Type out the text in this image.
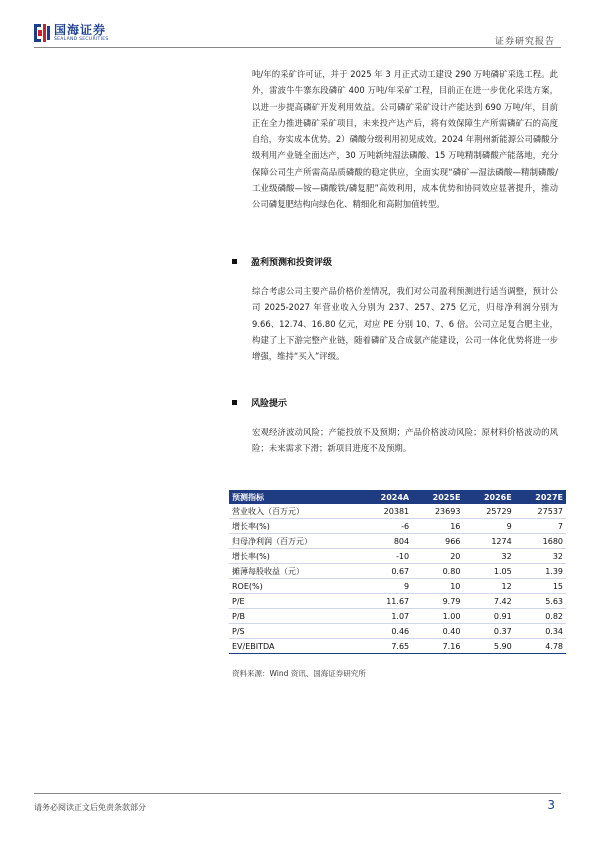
国海证券
SEALAND SECURITIES	证券研究报告
吨/年的采矿许可证，并于 2025 年 3 月正式动工建设 290 万吨磷矿采选工程。此外，雷波牛牛寨东段磷矿 400 万吨/年采矿工程，目前正在进一步优化采选方案，以进一步提高磷矿开发利用效益。公司磷矿采矿设计产能达到 690 万吨/年，目前正在全力推进磷矿采矿项目，未来投产达产后，将有效保障生产所需磷矿石的高度自给，夯实成本优势。2）磷酸分级利用初见成效。2024 年荆州新能源公司磷酸分级利用产业链全面达产，30 万吨新纯湿法磷酸、15 万吨精制磷酸产能落地，充分保障公司生产所需高品质磷酸的稳定供应，全面实现“磷矿—湿法磷酸—精制磷酸/工业级磷酸—铵—磷酸铁/磷复肥”高效利用，成本优势和协同效应显著提升，推动公司磷复肥结构向绿色化、精细化和高附加值转型。
盈利预测和投资评级
综合考虑公司主要产品价格价差情况，我们对公司盈利预测进行适当调整，预计公司 2025-2027 年营业收入分别为 237、257、275 亿元，归母净利润分别为 9.66、12.74、16.80 亿元，对应 PE 分别 10、7、6 倍。公司立足复合肥主业，构建了上下游完整产业链，随着磷矿及合成氨产能建设，公司一体化优势将进一步增强，维持“买入”评级。
风险提示
宏观经济波动风险；产能投放不及预期；产品价格波动风险；原材料价格波动的风险；未来需求下滑；新项目进度不及预期。
预测指标	2024A	2025E	2026E	2027E
营业收入（百万元）	20381	23693	25729	27537
增长率(%)	-6	16	9	7
归母净利润（百万元）	804	966	1274	1680
增长率(%)	-10	20	32	32
摊薄每股收益（元）	0.67	0.80	1.05	1.39
ROE(%)	9	10	12	15
P/E	11.67	9.79	7.42	5.63
P/B	1.07	1.00	0.91	0.82
P/S	0.46	0.40	0.37	0.34
EV/EBITDA	7.65	7.16	5.90	4.78
资料来源：Wind 资讯、国海证券研究所
请务必阅读正文后免责条款部分	3
